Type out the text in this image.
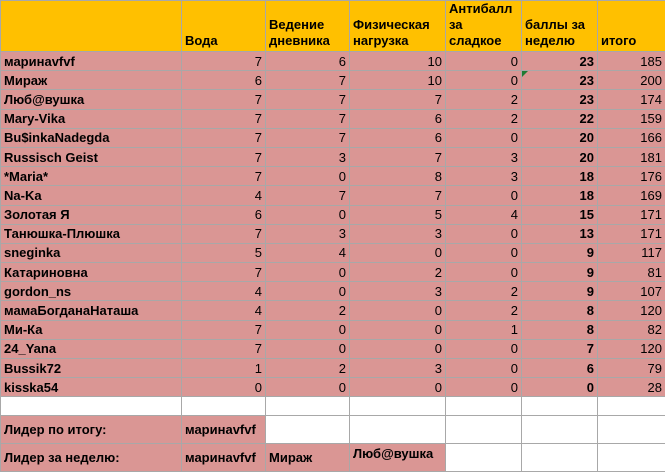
	Вода	Ведение дневника	Физическая нагрузка	Антибалл за сладкое	баллы за неделю	итого
маринаvfvf	7	6	10	0	23	185
Мираж	6	7	10	0	23	200
Люб@вушка	7	7	7	2	23	174
Mary-Vika	7	7	6	2	22	159
Bu$inkaNadegda	7	7	6	0	20	166
Russisch Geist	7	3	7	3	20	181
*Maria*	7	0	8	3	18	176
Na-Ka	4	7	7	0	18	169
Золотая Я	6	0	5	4	15	171
Танюшка-Плюшка	7	3	3	0	13	171
sneginka	5	4	0	0	9	117
Катариновна	7	0	2	0	9	81
gordon_ns	4	0	3	2	9	107
мамаБогданаНаташа	4	2	0	2	8	120
Ми-Ка	7	0	0	1	8	82
24_Yana	7	0	0	0	7	120
Bussik72	1	2	3	0	6	79
kisska54	0	0	0	0	0	28

Лидер по итогу:	маринаvfvf					
Лидер за неделю:	маринаvfvf	Мираж	Люб@вушка			
